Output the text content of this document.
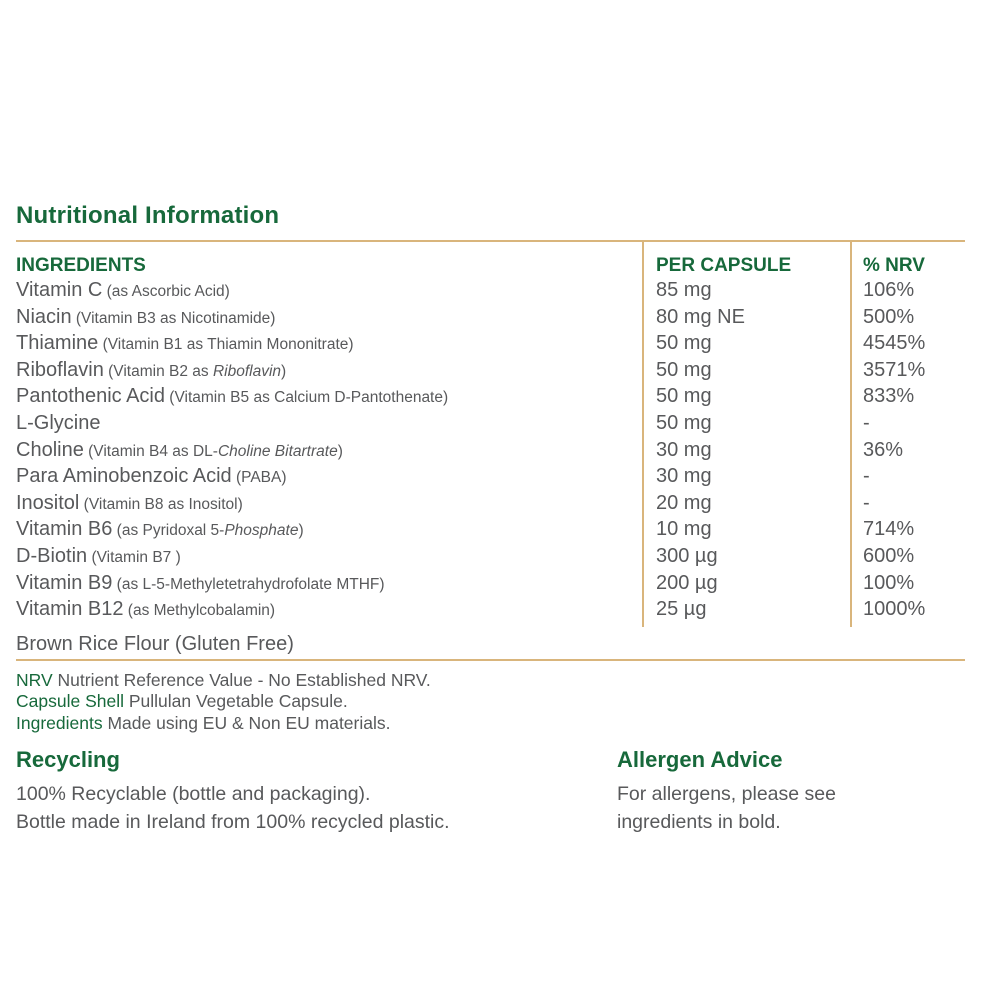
Nutritional Information
INGREDIENTS	PER CAPSULE	% NRV
Vitamin C (as Ascorbic Acid)	85 mg	106%
Niacin (Vitamin B3 as Nicotinamide)	80 mg NE	500%
Thiamine (Vitamin B1 as Thiamin Mononitrate)	50 mg	4545%
Riboflavin (Vitamin B2 as Riboflavin)	50 mg	3571%
Pantothenic Acid (Vitamin B5 as Calcium D-Pantothenate)	50 mg	833%
L-Glycine	50 mg	-
Choline (Vitamin B4 as DL-Choline Bitartrate)	30 mg	36%
Para Aminobenzoic Acid (PABA)	30 mg	-
Inositol (Vitamin B8 as Inositol)	20 mg	-
Vitamin B6 (as Pyridoxal 5-Phosphate)	10 mg	714%
D-Biotin (Vitamin B7 )	300 µg	600%
Vitamin B9 (as L-5-Methyletetrahydrofolate MTHF)	200 µg	100%
Vitamin B12 (as Methylcobalamin)	25 µg	1000%
Brown Rice Flour (Gluten Free)
NRV Nutrient Reference Value - No Established NRV.
Capsule Shell Pullulan Vegetable Capsule.
Ingredients Made using EU & Non EU materials.
Recycling
100% Recyclable (bottle and packaging).
Bottle made in Ireland from 100% recycled plastic.
Allergen Advice
For allergens, please see
ingredients in bold.
